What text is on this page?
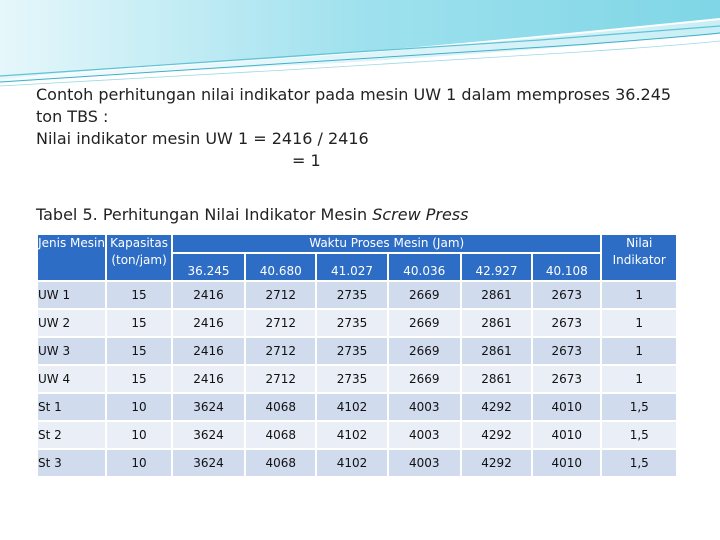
Contoh perhitungan nilai indikator pada mesin UW 1 dalam memproses 36.245
ton TBS :
Nilai indikator mesin UW 1 = 2416 / 2416
= 1
Tabel 5. Perhitungan Nilai Indikator Mesin Screw Press
Jenis Mesin	Kapasitas (ton/jam)	Waktu Proses Mesin (Jam)						Nilai Indikator
		36.245	40.680	41.027	40.036	42.927	40.108	
UW 1	15	2416	2712	2735	2669	2861	2673	1
UW 2	15	2416	2712	2735	2669	2861	2673	1
UW 3	15	2416	2712	2735	2669	2861	2673	1
UW 4	15	2416	2712	2735	2669	2861	2673	1
St 1	10	3624	4068	4102	4003	4292	4010	1,5
St 2	10	3624	4068	4102	4003	4292	4010	1,5
St 3	10	3624	4068	4102	4003	4292	4010	1,5
